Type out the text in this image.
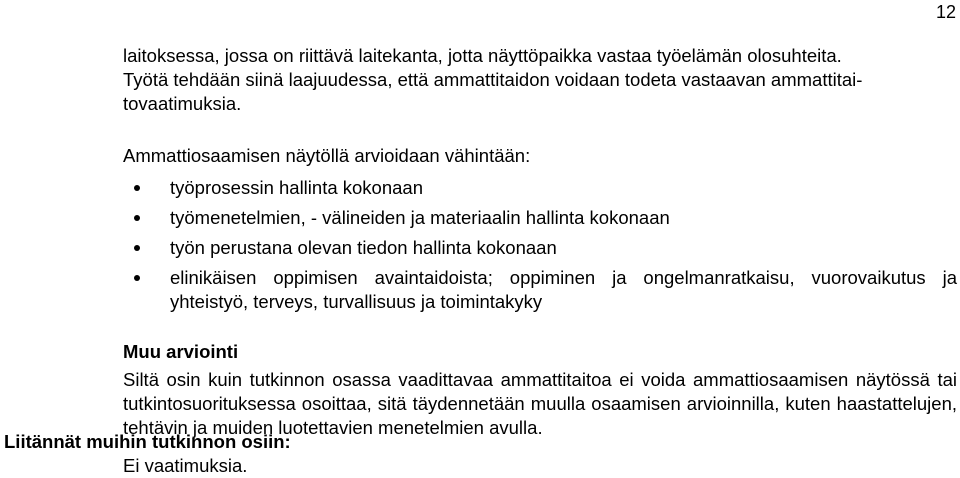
12
laitoksessa, jossa on riittävä laitekanta, jotta näyttöpaikka vastaa työelämän olosuhteita.
Työtä tehdään siinä laajuudessa, että ammattitaidon voidaan todeta vastaavan ammattitai-
tovaatimuksia.
Ammattiosaamisen näytöllä arvioidaan vähintään:
työprosessin hallinta kokonaan
työmenetelmien, - välineiden ja materiaalin hallinta kokonaan
työn perustana olevan tiedon hallinta kokonaan
elinikäisen oppimisen avaintaidoista; oppiminen ja ongelmanratkaisu, vuorovaikutus ja yhteistyö, terveys, turvallisuus ja toimintakyky
Muu arviointi
Siltä osin kuin tutkinnon osassa vaadittavaa ammattitaitoa ei voida ammattiosaamisen näytössä tai tutkintosuorituksessa osoittaa, sitä täydennetään muulla osaamisen arvioinnilla, kuten haastattelujen, tehtävin ja muiden luotettavien menetelmien avulla.
Liitännät muihin tutkinnon osiin:
Ei vaatimuksia.
